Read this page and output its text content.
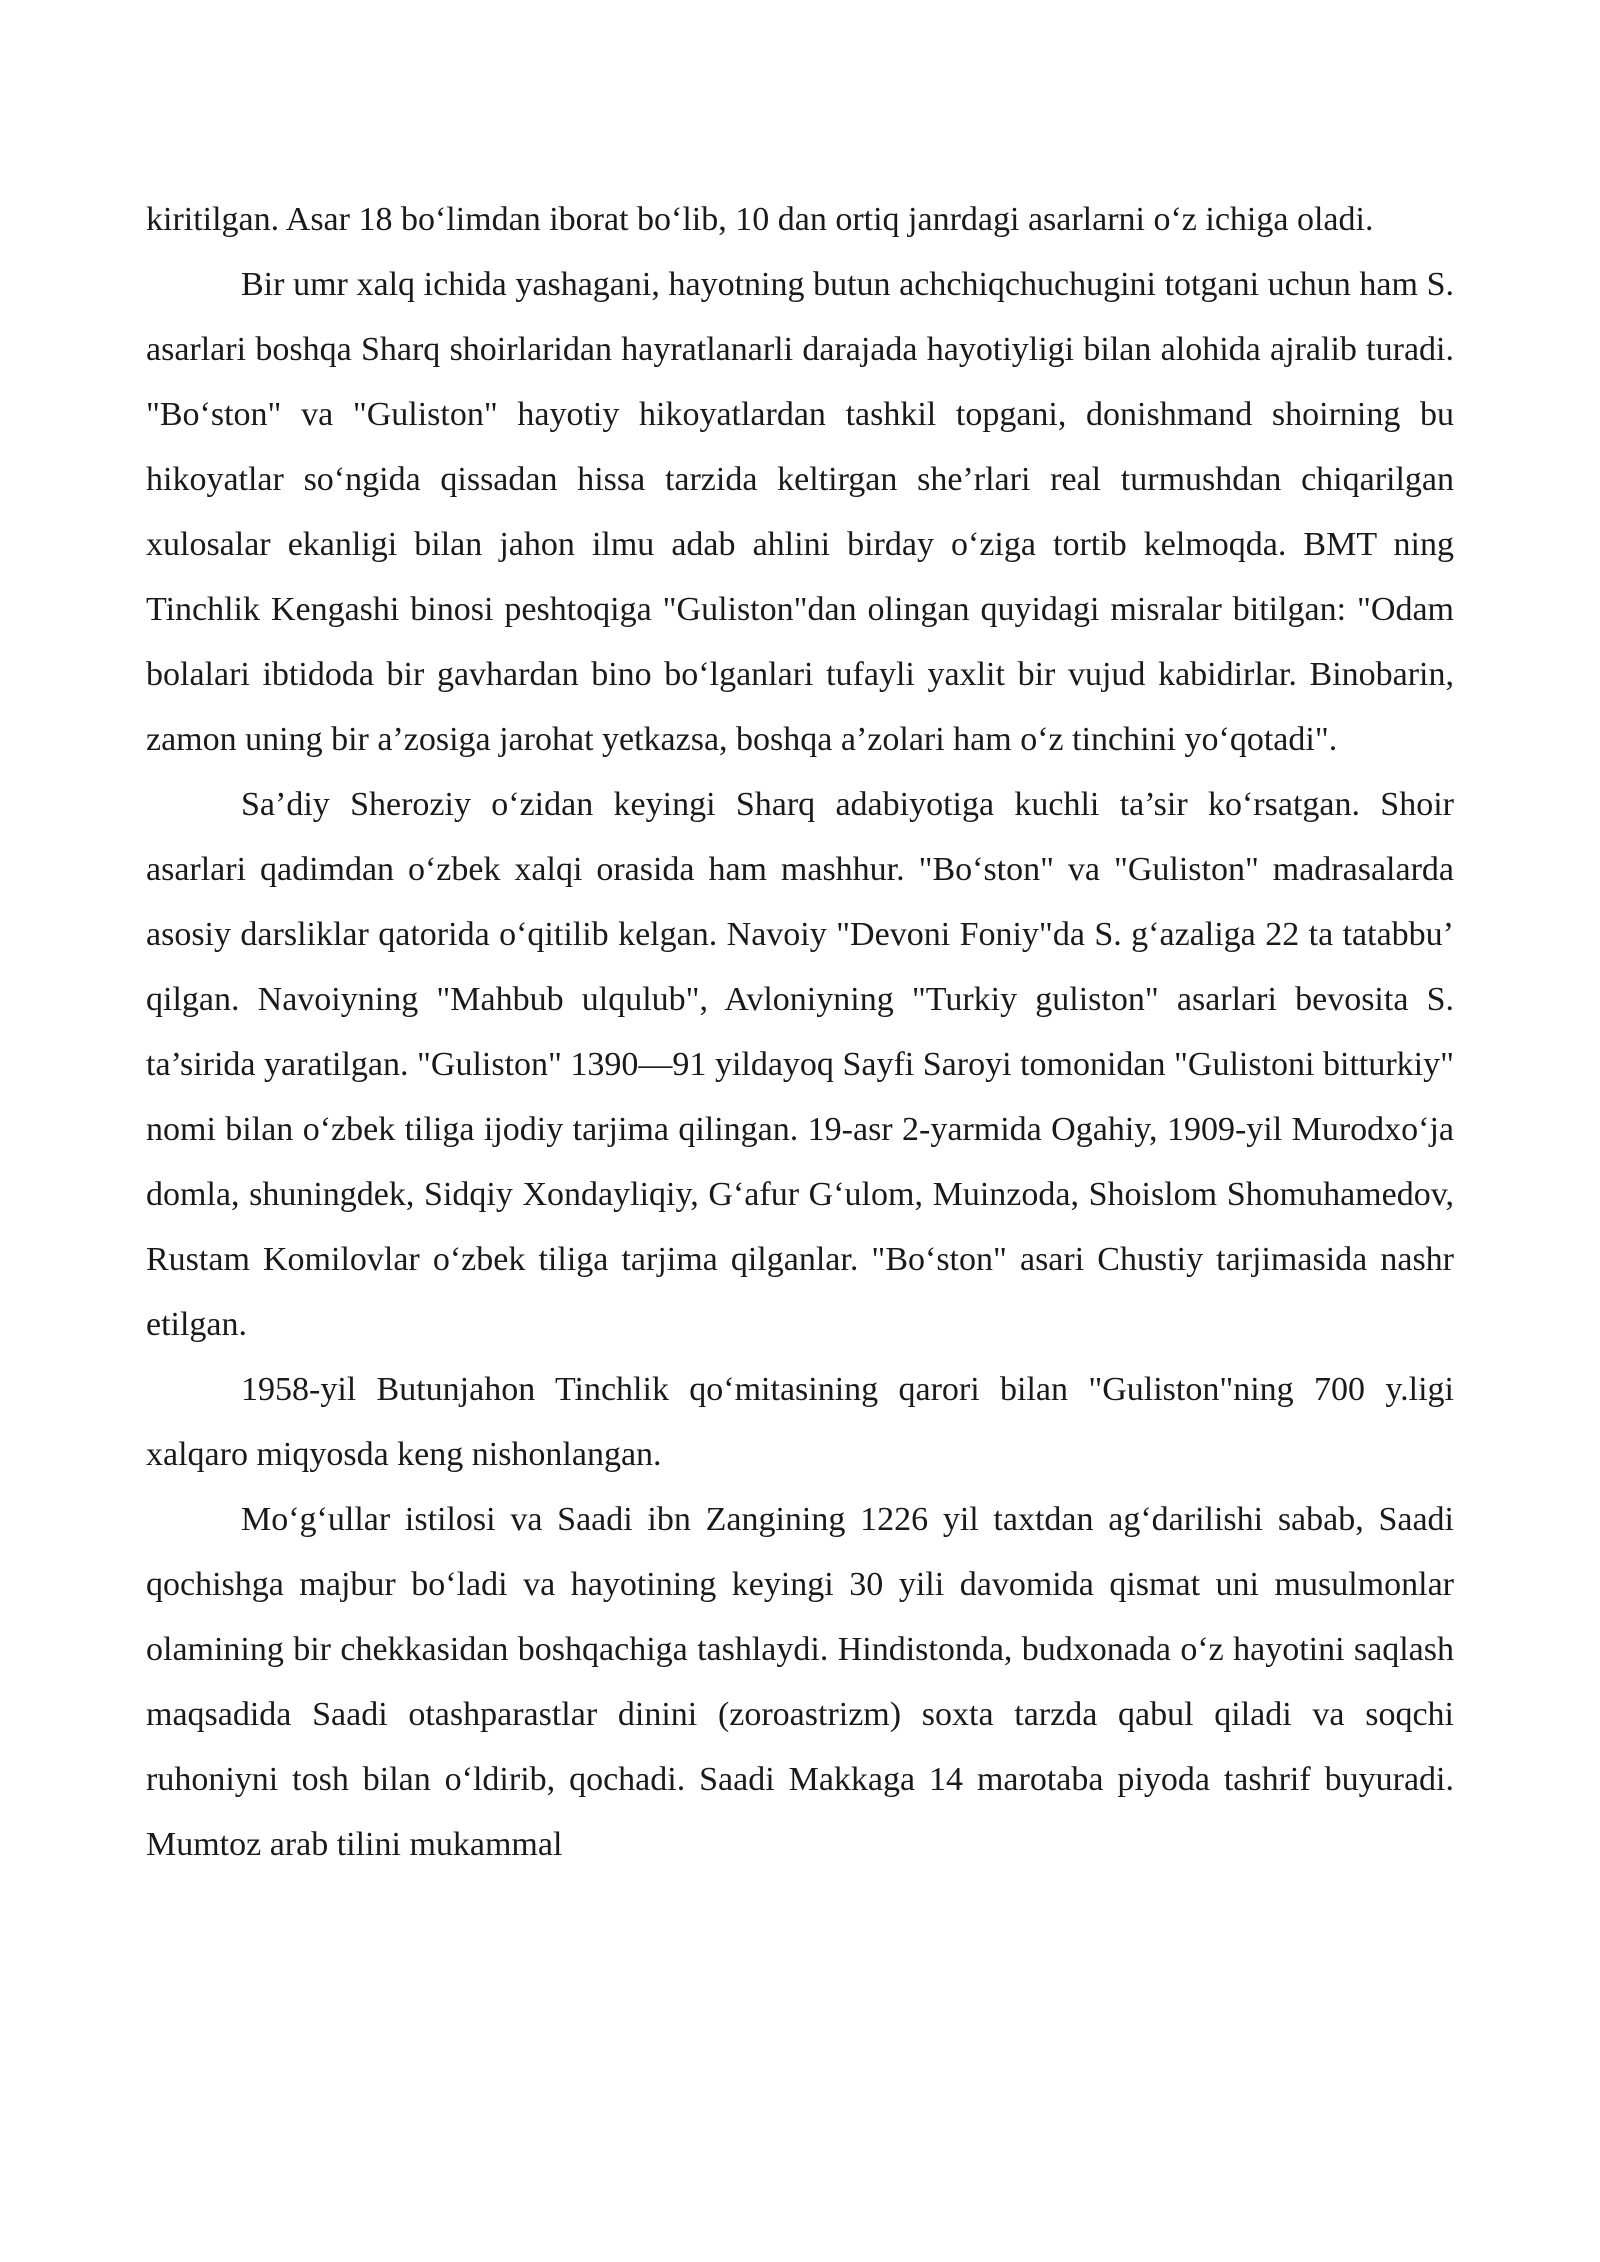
kiritilgan. Asar 18 bo‘limdan iborat bo‘lib, 10 dan ortiq janrdagi asarlarni o‘z ichiga oladi.

Bir umr xalq ichida yashagani, hayotning butun achchiqchuchugini totgani uchun ham S. asarlari boshqa Sharq shoirlaridan hayratlanarli darajada hayotiyligi bilan alohida ajralib turadi. "Bo‘ston" va "Guliston" hayotiy hikoyatlardan tashkil topgani, donishmand shoirning bu hikoyatlar so‘ngida qissadan hissa tarzida keltirgan she’rlari real turmushdan chiqarilgan xulosalar ekanligi bilan jahon ilmu adab ahlini birday o‘ziga tortib kelmoqda. BMT ning Tinchlik Kengashi binosi peshtoqiga "Guliston"dan olingan quyidagi misralar bitilgan: "Odam bolalari ibtidoda bir gavhardan bino bo‘lganlari tufayli yaxlit bir vujud kabidirlar. Binobarin, zamon uning bir a’zosiga jarohat yetkazsa, boshqa a’zolari ham o‘z tinchini yo‘qotadi".

Sa’diy Sheroziy o‘zidan keyingi Sharq adabiyotiga kuchli ta’sir ko‘rsatgan. Shoir asarlari qadimdan o‘zbek xalqi orasida ham mashhur. "Bo‘ston" va "Guliston" madrasalarda asosiy darsliklar qatorida o‘qitilib kelgan. Navoiy "Devoni Foniy"da S. g‘azaliga 22 ta tatabbu’ qilgan. Navoiyning "Mahbub ulqulub", Avloniyning "Turkiy guliston" asarlari bevosita S. ta’sirida yaratilgan. "Guliston" 1390—91 yildayoq Sayfi Saroyi tomonidan "Gulistoni bitturkiy" nomi bilan o‘zbek tiliga ijodiy tarjima qilingan. 19-asr 2-yarmida Ogahiy, 1909-yil Murodxo‘ja domla, shuningdek, Sidqiy Xondayliqiy, G‘afur G‘ulom, Muinzoda, Shoislom Shomuhamedov, Rustam Komilovlar o‘zbek tiliga tarjima qilganlar. "Bo‘ston" asari Chustiy tarjimasida nashr etilgan.

1958-yil Butunjahon Tinchlik qo‘mitasining qarori bilan "Guliston"ning 700 y.ligi xalqaro miqyosda keng nishonlangan.

Mo‘g‘ullar istilosi va Saadi ibn Zangining 1226 yil taxtdan ag‘darilishi sabab, Saadi qochishga majbur bo‘ladi va hayotining keyingi 30 yili davomida qismat uni musulmonlar olamining bir chekkasidan boshqachiga tashlaydi. Hindistonda, budxonada o‘z hayotini saqlash maqsadida Saadi otashparastlar dinini (zoroastrizm) soxta tarzda qabul qiladi va soqchi ruhoniyni tosh bilan o‘ldirib, qochadi. Saadi Makkaga 14 marotaba piyoda tashrif buyuradi. Mumtoz arab tilini mukammal
